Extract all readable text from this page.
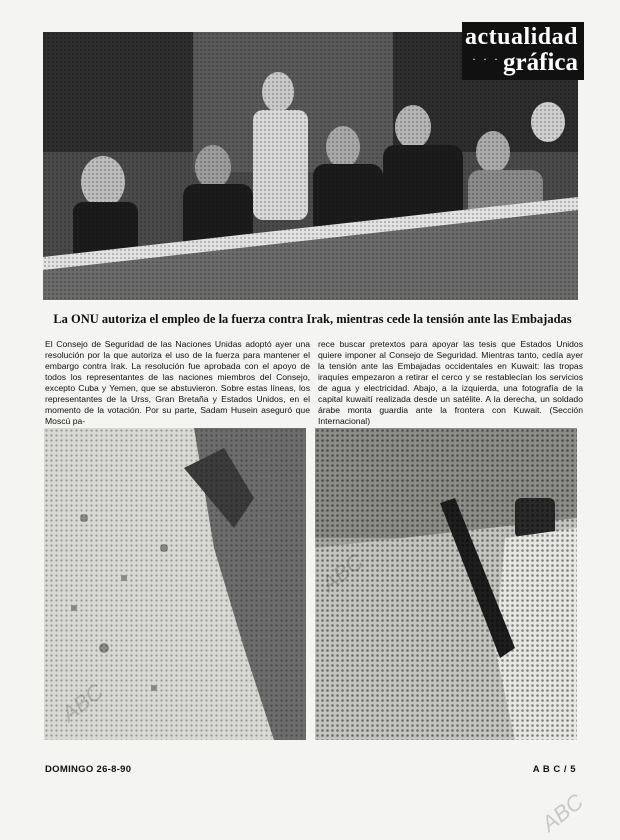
· · ·
actualidad
gráfica
La ONU autoriza el empleo de la fuerza contra Irak, mientras cede la tensión ante las Embajadas
El Consejo de Seguridad de las Naciones Unidas adoptó ayer una resolución por la que autoriza el uso de la fuerza para mantener el embargo contra Irak. La resolución fue aprobada con el apoyo de todos los representantes de las naciones miembros del Consejo, excepto Cuba y Yemen, que se abstuvieron. Sobre estas líneas, los representantes de la Urss, Gran Bretaña y Estados Unidos, en el momento de la votación. Por su parte, Sadam Husein aseguró que Moscú pa-
rece buscar pretextos para apoyar las tesis que Estados Unidos quiere imponer al Consejo de Seguridad. Mientras tanto, cedía ayer la tensión ante las Embajadas occidentales en Kuwait: las tropas iraquíes empezaron a retirar el cerco y se restablecían los servicios de agua y electricidad. Abajo, a la izquierda, una fotografía de la capital kuwaití realizada desde un satélite. A la derecha, un soldado árabe monta guardia ante la frontera con Kuwait. (Sección Internacional)
DOMINGO 26-8-90	A B C / 5
ABC
ABC
ABC
